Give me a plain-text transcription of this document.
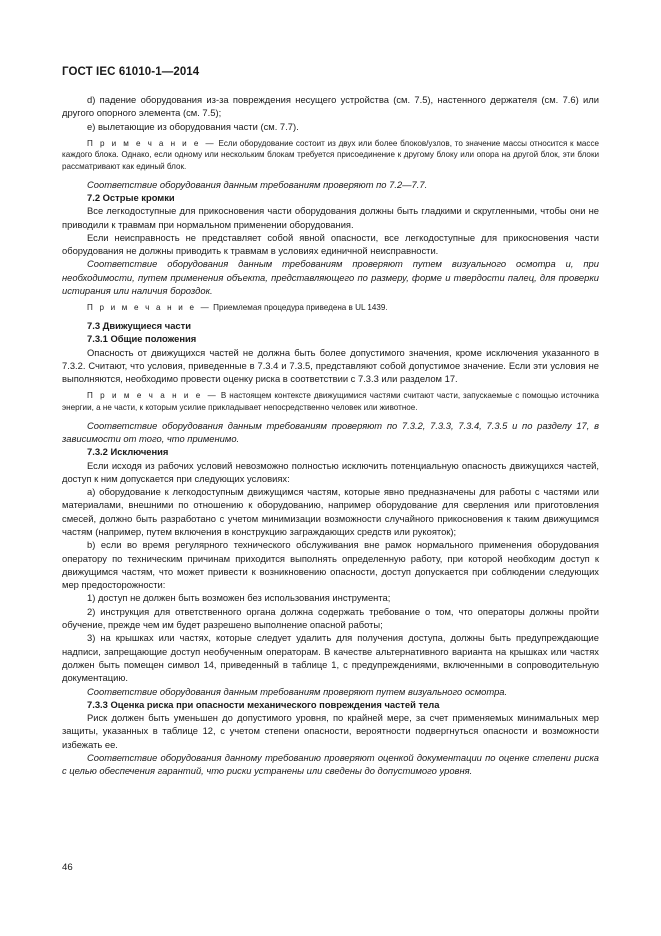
ГОСТ IEC 61010-1—2014

d) падение оборудования из-за повреждения несущего устройства (см. 7.5), настенного держателя (см. 7.6) или другого опорного элемента (см. 7.5);

e) вылетающие из оборудования части (см. 7.7).

П р и м е ч а н и е — Если оборудование состоит из двух или более блоков/узлов, то значение массы относится к массе каждого блока. Однако, если одному или нескольким блокам требуется присоединение к другому блоку или опора на другой блок, эти блоки рассматривают как единый блок.

Соответствие оборудования данным требованиям проверяют по 7.2—7.7.

7.2 Острые кромки

Все легкодоступные для прикосновения части оборудования должны быть гладкими и скругленными, чтобы они не приводили к травмам при нормальном применении оборудования.

Если неисправность не представляет собой явной опасности, все легкодоступные для прикосновения части оборудования не должны приводить к травмам в условиях единичной неисправности.

Соответствие оборудования данным требованиям проверяют путем визуального осмотра и, при необходимости, путем применения объекта, представляющего по размеру, форме и твердости палец, для проверки истирания или наличия бороздок.

П р и м е ч а н и е — Приемлемая процедура приведена в UL 1439.

7.3 Движущиеся части

7.3.1 Общие положения

Опасность от движущихся частей не должна быть более допустимого значения, кроме исключения указанного в 7.3.2. Считают, что условия, приведенные в 7.3.4 и 7.3.5, представляют собой допустимое значение. Если эти условия не выполняются, необходимо провести оценку риска в соответствии с 7.3.3 или разделом 17.

П р и м е ч а н и е — В настоящем контексте движущимися частями считают части, запускаемые с помощью источника энергии, а не части, к которым усилие прикладывает непосредственно человек или животное.

Соответствие оборудования данным требованиям проверяют по 7.3.2, 7.3.3, 7.3.4, 7.3.5 и по разделу 17, в зависимости от того, что применимо.

7.3.2 Исключения

Если исходя из рабочих условий невозможно полностью исключить потенциальную опасность движущихся частей, доступ к ним допускается при следующих условиях:

a) оборудование к легкодоступным движущимся частям, которые явно предназначены для работы с частями или материалами, внешними по отношению к оборудованию, например оборудование для сверления или приготовления смесей, должно быть разработано с учетом минимизации возможности случайного прикосновения к таким движущимся частям (например, путем включения в конструкцию заграждающих средств или рукояток);

b) если во время регулярного технического обслуживания вне рамок нормального применения оборудования оператору по техническим причинам приходится выполнять определенную работу, при которой необходим доступ к движущимся частям, что может привести к возникновению опасности, доступ допускается при соблюдении следующих мер предосторожности:

1) доступ не должен быть возможен без использования инструмента;

2) инструкция для ответственного органа должна содержать требование о том, что операторы должны пройти обучение, прежде чем им будет разрешено выполнение опасной работы;

3) на крышках или частях, которые следует удалить для получения доступа, должны быть предупреждающие надписи, запрещающие доступ необученным операторам. В качестве альтернативного варианта на крышках или частях должен быть помещен символ 14, приведенный в таблице 1, с предупреждениями, включенными в сопроводительную документацию.

Соответствие оборудования данным требованиям проверяют путем визуального осмотра.

7.3.3 Оценка риска при опасности механического повреждения частей тела

Риск должен быть уменьшен до допустимого уровня, по крайней мере, за счет применяемых минимальных мер защиты, указанных в таблице 12, с учетом степени опасности, вероятности подвергнуться опасности и возможности избежать ее.

Соответствие оборудования данному требованию проверяют оценкой документации по оценке степени риска с целью обеспечения гарантий, что риски устранены или сведены до допустимого уровня.

46
